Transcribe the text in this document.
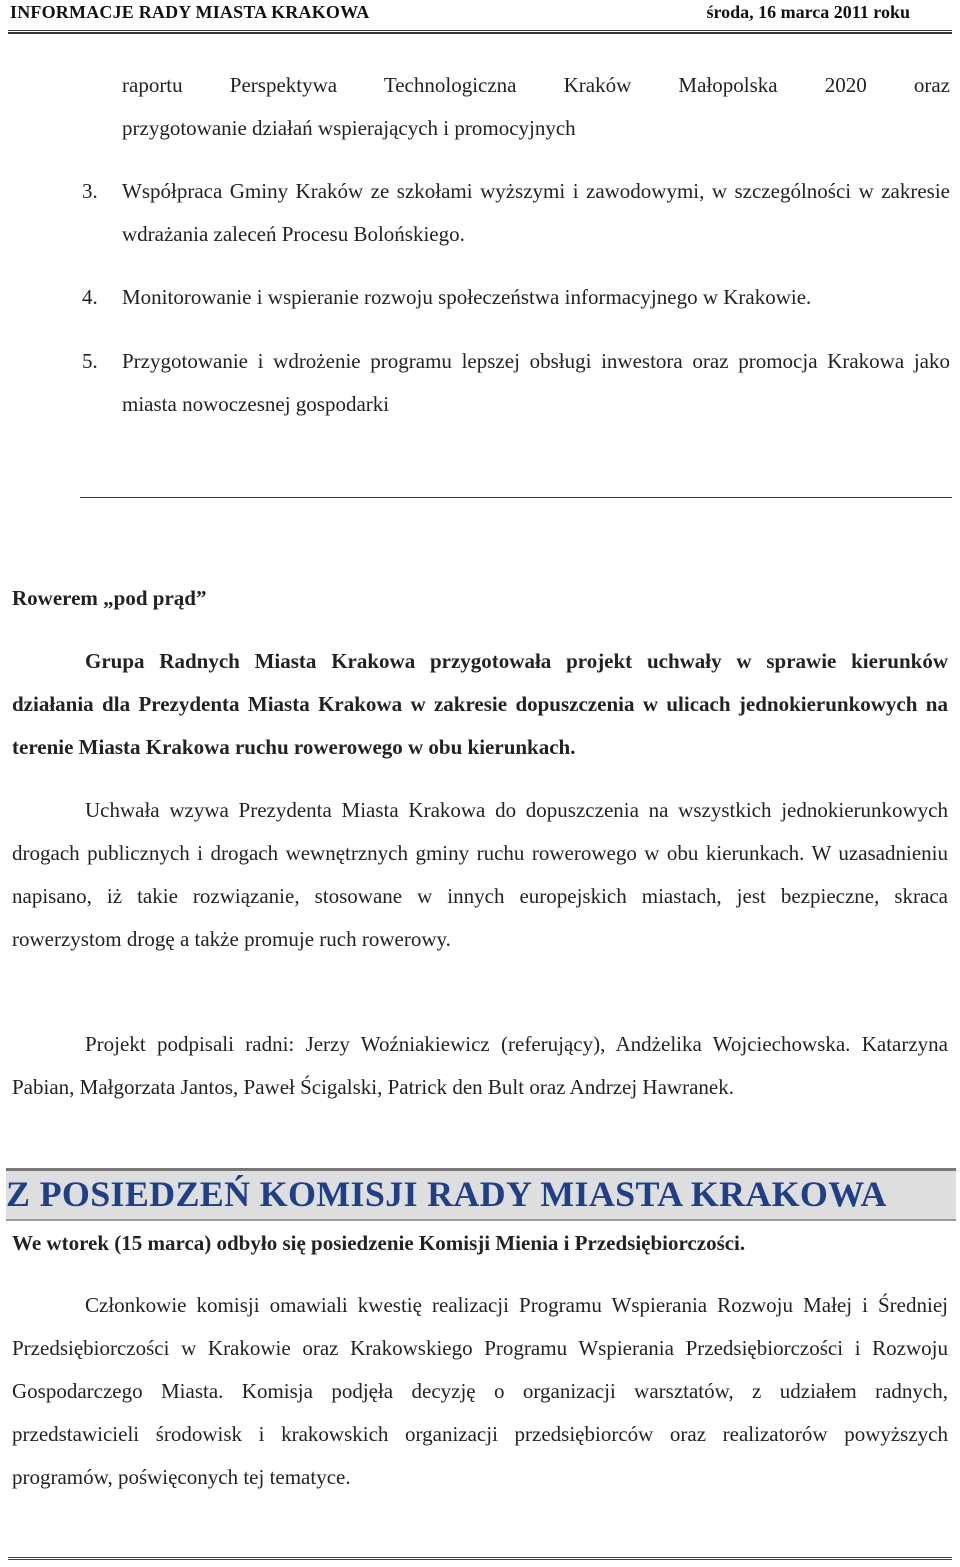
INFORMACJE RADY MIASTA KRAKOWA	środa, 16 marca 2011 roku
raportu Perspektywa Technologiczna Kraków Małopolska 2020 oraz
przygotowanie działań wspierających i promocyjnych
3. Współpraca Gminy Kraków ze szkołami wyższymi i zawodowymi, w szczególności w zakresie wdrażania zaleceń Procesu Bolońskiego.
4. Monitorowanie i wspieranie rozwoju społeczeństwa informacyjnego w Krakowie.
5. Przygotowanie i wdrożenie programu lepszej obsługi inwestora oraz promocja Krakowa jako miasta nowoczesnej gospodarki
Rowerem „pod prąd”
Grupa Radnych Miasta Krakowa przygotowała projekt uchwały w sprawie kierunków działania dla Prezydenta Miasta Krakowa w zakresie dopuszczenia w ulicach jednokierunkowych na terenie Miasta Krakowa ruchu rowerowego w obu kierunkach.
Uchwała wzywa Prezydenta Miasta Krakowa do dopuszczenia na wszystkich jednokierunkowych drogach publicznych i drogach wewnętrznych gminy ruchu rowerowego w obu kierunkach. W uzasadnieniu napisano, iż takie rozwiązanie, stosowane w innych europejskich miastach, jest bezpieczne, skraca rowerzystom drogę a także promuje ruch rowerowy.
Projekt podpisali radni: Jerzy Woźniakiewicz (referujący), Andżelika Wojciechowska. Katarzyna Pabian, Małgorzata Jantos, Paweł Ścigalski, Patrick den Bult oraz Andrzej Hawranek.
Z POSIEDZEŃ KOMISJI RADY MIASTA KRAKOWA
We wtorek (15 marca) odbyło się posiedzenie Komisji Mienia i Przedsiębiorczości.
Członkowie komisji omawiali kwestię realizacji Programu Wspierania Rozwoju Małej i Średniej Przedsiębiorczości w Krakowie oraz Krakowskiego Programu Wspierania Przedsiębiorczości i Rozwoju Gospodarczego Miasta. Komisja podjęła decyzję o organizacji warsztatów, z udziałem radnych, przedstawicieli środowisk i krakowskich organizacji przedsiębiorców oraz realizatorów powyższych programów, poświęconych tej tematyce.
